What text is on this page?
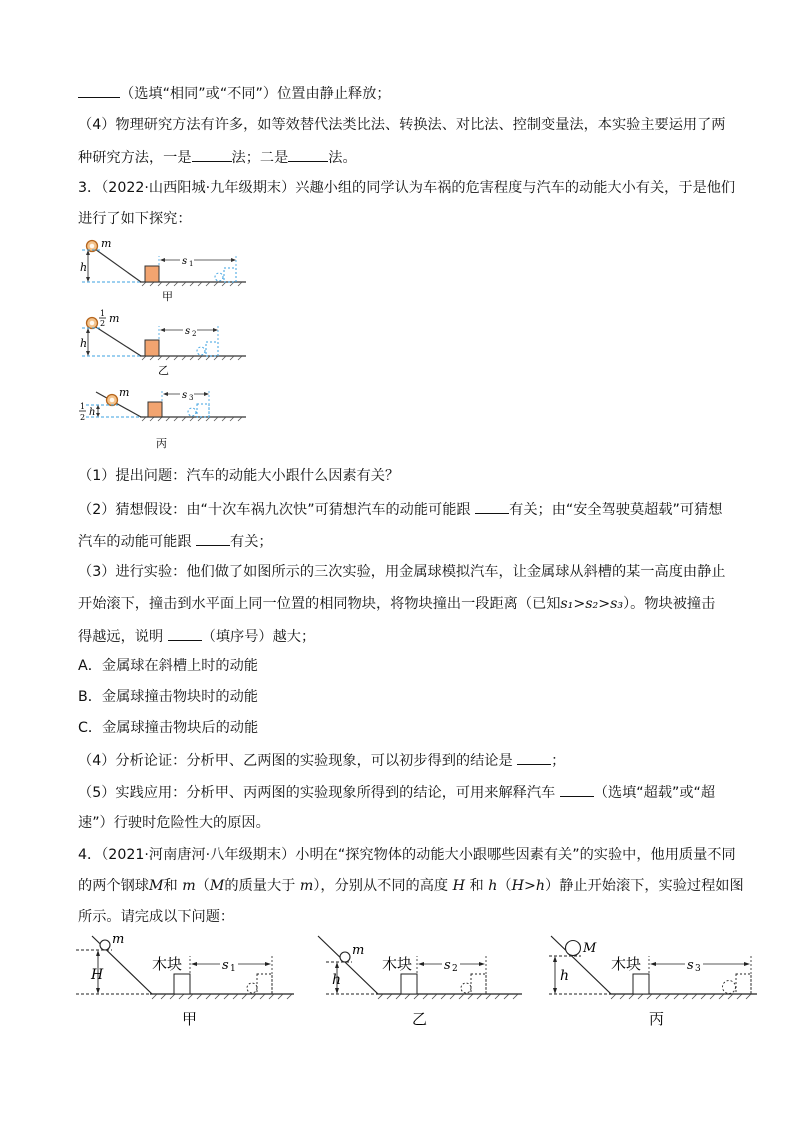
（选填“相同”或“不同”）位置由静止释放；
（4）物理研究方法有许多，如等效替代法类比法、转换法、对比法、控制变量法，本实验主要运用了两
种研究方法，一是	法；二是	法。
3．（2022·山西阳城·九年级期末）兴趣小组的同学认为车祸的危害程度与汽车的动能大小有关，于是他们
进行了如下探究：
m
h	s 1
甲
1
2 m
h
s 2
乙
m
1
2 h
s 3
丙
（1）提出问题：汽车的动能大小跟什么因素有关？
（2）猜想假设：由“十次车祸九次快”可猜想汽车的动能可能跟	有关；由“安全驾驶莫超载”可猜想
汽车的动能可能跟	有关；
（3）进行实验：他们做了如图所示的三次实验，用金属球模拟汽车，让金属球从斜槽的某一高度由静止
开始滚下，撞击到水平面上同一位置的相同物块，将物块撞出一段距离（已知s₁>s₂>s₃）。物块被撞击
得越远，说明	（填序号）越大；
A．金属球在斜槽上时的动能
B．金属球撞击物块时的动能
C．金属球撞击物块后的动能
（4）分析论证：分析甲、乙两图的实验现象，可以初步得到的结论是	；
（5）实践应用：分析甲、丙两图的实验现象所得到的结论，可用来解释汽车	（选填“超载”或“超
速”）行驶时危险性大的原因。
4．（2021·河南唐河·八年级期末）小明在“探究物体的动能大小跟哪些因素有关”的实验中，他用质量不同
的两个钢球M和 m（M的质量大于 m），分别从不同的高度 H 和 h（H>h）静止开始滚下，实验过程如图
所示。请完成以下问题：
m
H
木块	s 1
甲
m
h
木块 s 2
乙
M
h
木块	s 3
丙
